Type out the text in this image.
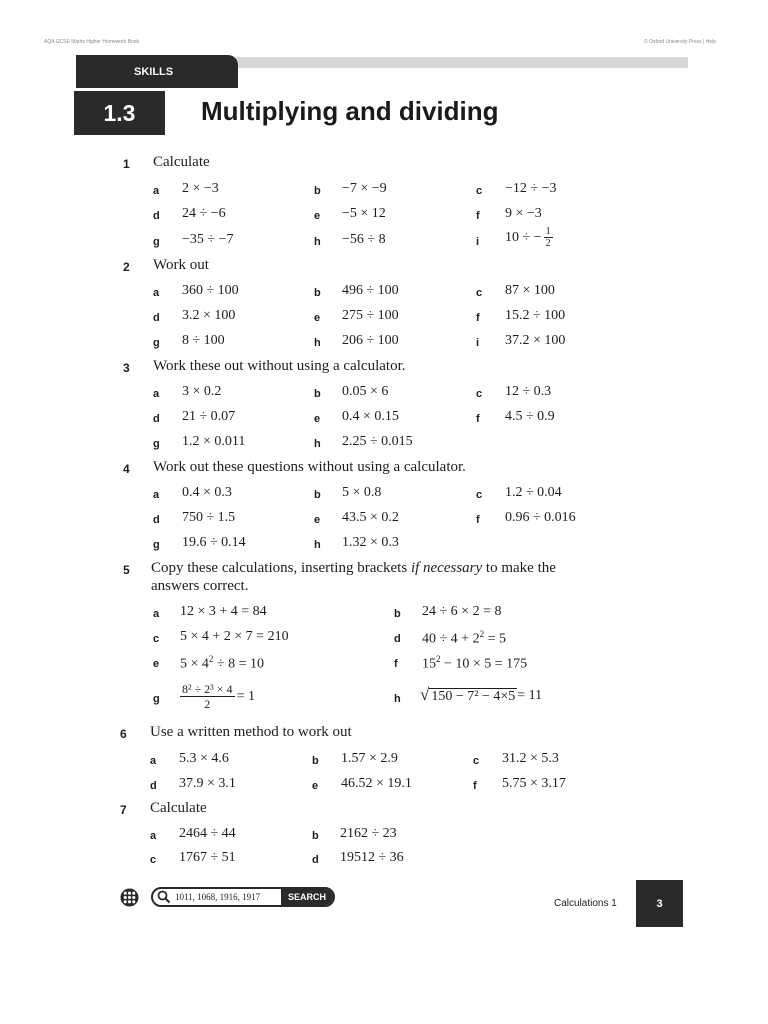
AQA GCSE Maths Higher Homework Book	© Oxford University Press | Help
SKILLS
1.3	Multiplying and dividing
1 Calculate
a 2 × −3	b −7 × −9	c −12 ÷ −3
d 24 ÷ −6	e −5 × 12	f 9 × −3
g −35 ÷ −7	h −56 ÷ 8	i 10 ÷ − $\frac{1}{2}$
2 Work out
a 360 ÷ 100	b 496 ÷ 100	c 87 × 100
d 3.2 × 100	e 275 ÷ 100	f 15.2 ÷ 100
g 8 ÷ 100	h 206 ÷ 100	i 37.2 × 100
3 Work these out without using a calculator.
a 3 × 0.2	b 0.05 × 6	c 12 ÷ 0.3
d 21 ÷ 0.07	e 0.4 × 0.15	f 4.5 ÷ 0.9
g 1.2 × 0.011	h 2.25 ÷ 0.015
4 Work out these questions without using a calculator.
a 0.4 × 0.3	b 5 × 0.8	c 1.2 ÷ 0.04
d 750 ÷ 1.5	e 43.5 × 0.2	f 0.96 ÷ 0.016
g 19.6 ÷ 0.14	h 1.32 × 0.3
5 Copy these calculations, inserting brackets if necessary to make the
answers correct.
a 12 × 3 + 4 = 84	b 24 ÷ 6 × 2 = 8
c 5 × 4 + 2 × 7 = 210	d $40 \div 4 + 2^2 = 5$
e $5 \times 4^2 \div 8 = 10$	f $15^2 - 10 \times 5 = 175$
g $\frac{\text{8² ÷ 2³ × 4}}{2} = 1$	h √ 150 − 7² − 4×5 = 11
6 Use a written method to work out
a 5.3 × 4.6	b 1.57 × 2.9	c 31.2 × 5.3
d 37.9 × 3.1	e 46.52 × 19.1	f 5.75 × 3.17
7 Calculate
a 2464 ÷ 44	b 2162 ÷ 23
c 1767 ÷ 51	d 19512 ÷ 36
1011, 1068, 1916, 1917	SEARCH
Calculations 1	3
